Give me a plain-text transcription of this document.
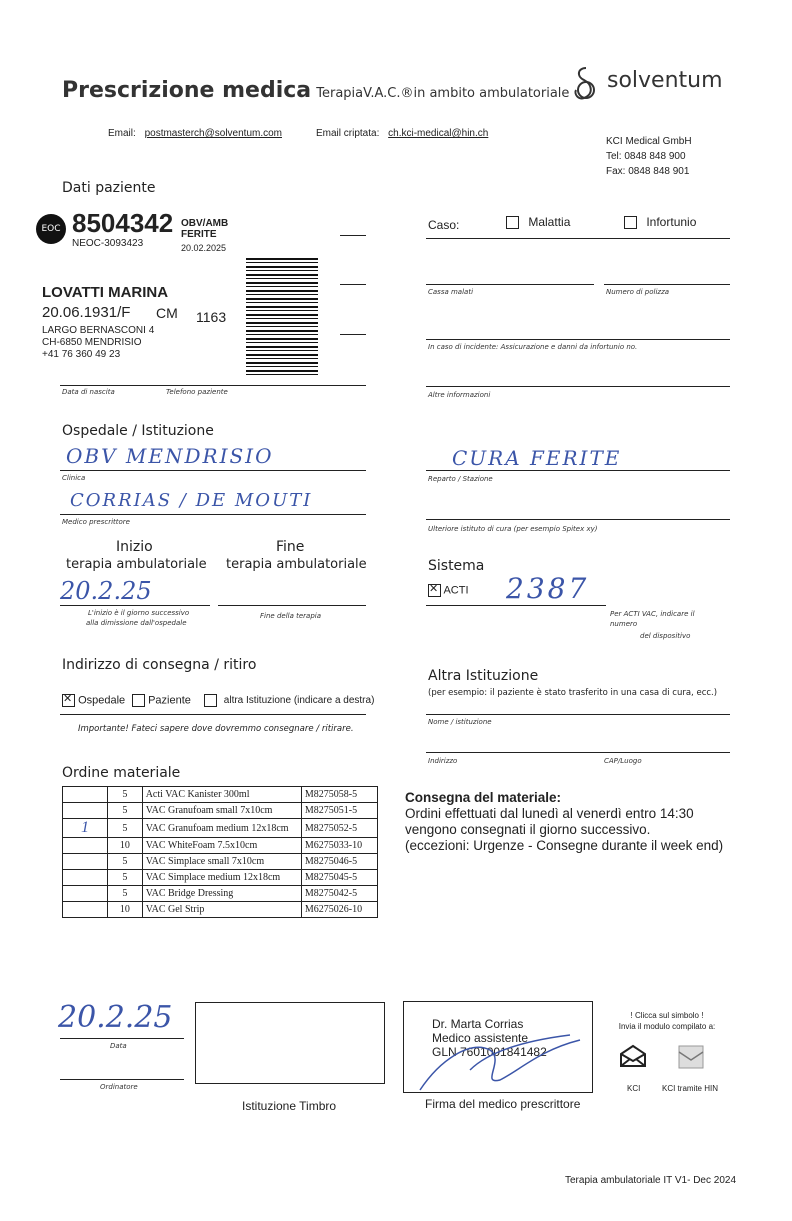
Prescrizione medica TerapiaV.A.C.®in ambito ambulatoriale
solventum
Email: postmasterch@solventum.com	Email criptata: ch.kci-medical@hin.ch
KCI Medical GmbH
Tel: 0848 848 900
Fax: 0848 848 901
Dati paziente
EOC 8504342 OBV/AMB
FERITE
NEOC-3093423	20.02.2025
LOVATTI MARINA
20.06.1931/F CM 1163
LARGO BERNASCONI 4
CH-6850 MENDRISIO
+41 76 360 49 23
Data di nascita	Telefono paziente
Caso:	Malattia	Infortunio
Cassa malati	Numero di polizza
In caso di incidente: Assicurazione e danni da infortunio no.
Altre informazioni
Ospedale / Istituzione
OBV MENDRISIO
Clinica
CORRIAS / DE MOUTI
Medico prescrittore
CURA FERITE
Reparto / Stazione
Ulteriore istituto di cura (per esempio Spitex xy)
Inizio
terapia ambulatoriale
Fine
terapia ambulatoriale
20.2.25
L'inizio è il giorno successivo
alla dimissione dall'ospedale
Fine della terapia
Sistema
✕ ACTI 2387
Per ACTI VAC, indicare il
numero
del dispositivo
Indirizzo di consegna / ritiro
✕ Ospedale	Paziente	altra Istituzione (indicare a destra)
Importante! Fateci sapere dove dovremmo consegnare / ritirare.
Altra Istituzione
(per esempio: il paziente è stato trasferito in una casa di cura, ecc.)
Nome / istituzione
Indirizzo	CAP/Luogo
Ordine materiale
	5	Acti VAC Kanister 300ml	M8275058-5
	5	VAC Granufoam small 7x10cm	M8275051-5
1	5	VAC Granufoam medium 12x18cm	M8275052-5
	10	VAC WhiteFoam 7.5x10cm	M6275033-10
	5	VAC Simplace small 7x10cm	M8275046-5
	5	VAC Simplace medium 12x18cm	M8275045-5
	5	VAC Bridge Dressing	M8275042-5
	10	VAC Gel Strip	M6275026-10
Consegna del materiale:
Ordini effettuati dal lunedì al venerdì entro 14:30
vengono consegnati il giorno successivo.
(eccezioni: Urgenze - Consegne durante il week end)
20.2.25
Data
Ordinatore
Istituzione Timbro
Dr. Marta Corrias
Medico assistente
GLN 7601001841482
Firma del medico prescrittore
! Clicca sul simbolo !
Invia il modulo compilato a:
KCI	KCI tramite HIN
Terapia ambulatoriale IT V1- Dec 2024
